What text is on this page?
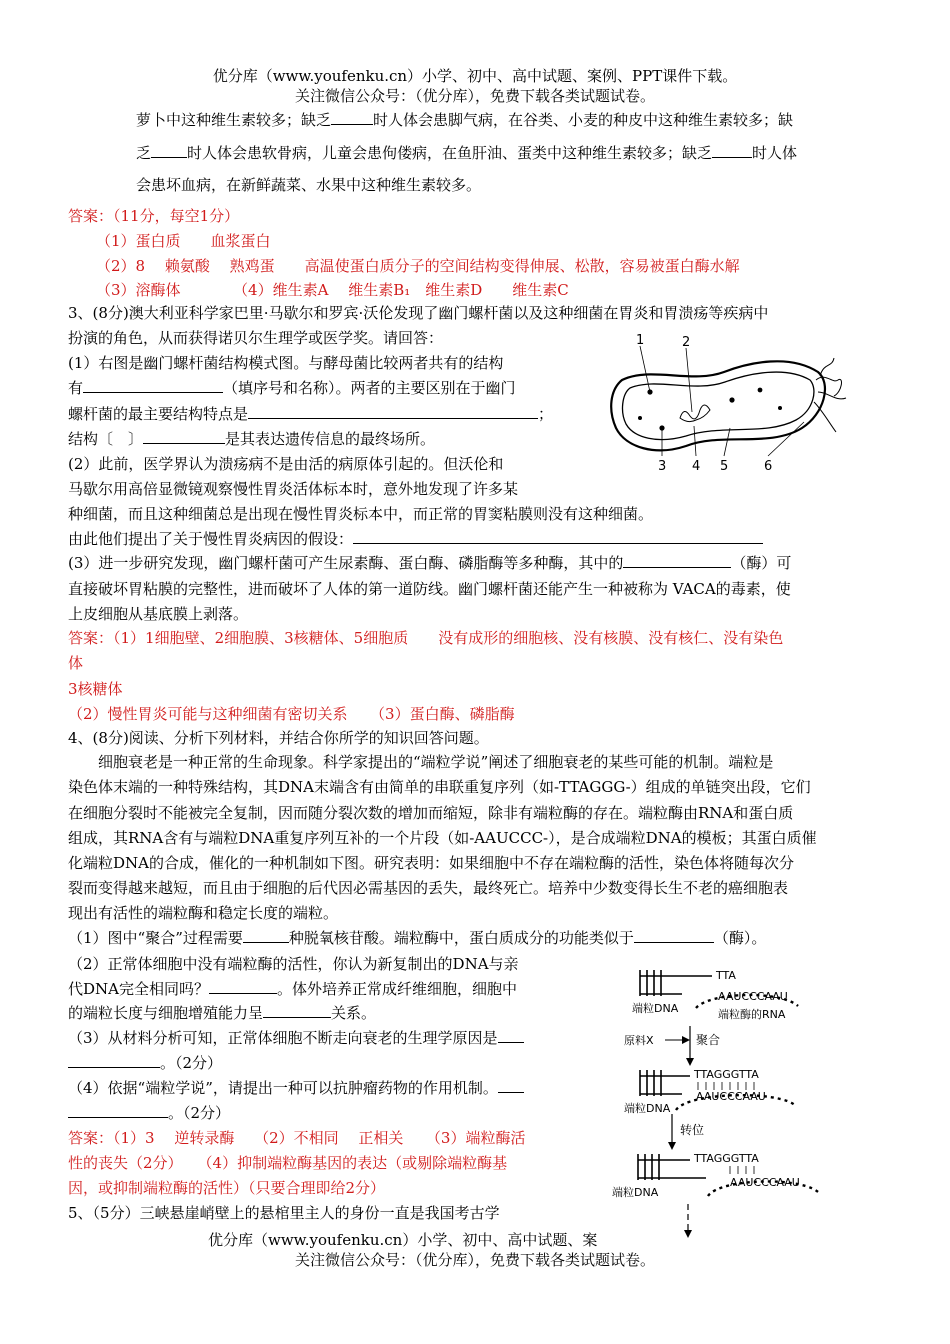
优分库（www.youfenku.cn）小学、初中、高中试题、案例、PPT课件下载。
关注微信公众号：（优分库），免费下载各类试题试卷。
萝卜中这种维生素较多；缺乏	时人体会患脚气病，在谷类、小麦的种皮中这种维生素较多；缺
乏 时人体会患软骨病，儿童会患佝偻病，在鱼肝油、蛋类中这种维生素较多；缺乏	时人体
会患坏血病，在新鲜蔬菜、水果中这种维生素较多。
答案：（11分，每空1分）
（1）蛋白质　　血浆蛋白
（2）8　 赖氨酸　 熟鸡蛋　　高温使蛋白质分子的空间结构变得伸展、松散，容易被蛋白酶水解
（3）溶酶体　　　　（4）维生素A　 维生素B₁　维生素D　　维生素C
3、(8分)澳大利亚科学家巴里·马歇尔和罗宾·沃伦发现了幽门螺杆菌以及这种细菌在胃炎和胃溃疡等疾病中
扮演的角色，从而获得诺贝尔生理学或医学奖。请回答：
(1）右图是幽门螺杆菌结构模式图。与酵母菌比较两者共有的结构
有	（填序号和名称）。两者的主要区别在于幽门
螺杆菌的最主要结构特点是	；
结构〔　〕	是其表达遗传信息的最终场所。
(2）此前，医学界认为溃疡病不是由活的病原体引起的。但沃伦和
马歇尔用高倍显微镜观察慢性胃炎活体标本时，意外地发现了许多某
种细菌，而且这种细菌总是出现在慢性胃炎标本中，而正常的胃窦粘膜则没有这种细菌。
由此他们提出了关于慢性胃炎病因的假设：
(3）进一步研究发现，幽门螺杆菌可产生尿素酶、蛋白酶、磷脂酶等多种酶，其中的	（酶）可
直接破坏胃粘膜的完整性，进而破坏了人体的第一道防线。幽门螺杆菌还能产生一种被称为 VACA的毒素，使
上皮细胞从基底膜上剥落。
答案：（1）1细胞壁、2细胞膜、3核糖体、5细胞质　　没有成形的细胞核、没有核膜、没有核仁、没有染色
体
3核糖体
（2）慢性胃炎可能与这种细菌有密切关系　　（3）蛋白酶、磷脂酶
1	2
3 4 5	6
4、(8分)阅读、分析下列材料，并结合你所学的知识回答问题。
　　细胞衰老是一种正常的生命现象。科学家提出的“端粒学说”阐述了细胞衰老的某些可能的机制。端粒是
染色体末端的一种特殊结构，其DNA末端含有由简单的串联重复序列（如-TTAGGG-）组成的单链突出段，它们
在细胞分裂时不能被完全复制，因而随分裂次数的增加而缩短，除非有端粒酶的存在。端粒酶由RNA和蛋白质
组成，其RNA含有与端粒DNA重复序列互补的一个片段（如-AAUCCC-），是合成端粒DNA的模板；其蛋白质催
化端粒DNA的合成，催化的一种机制如下图。研究表明：如果细胞中不存在端粒酶的活性，染色体将随每次分
裂而变得越来越短，而且由于细胞的后代因必需基因的丢失，最终死亡。培养中少数变得长生不老的癌细胞表
现出有活性的端粒酶和稳定长度的端粒。
（1）图中“聚合”过程需要	种脱氧核苷酸。端粒酶中，蛋白质成分的功能类似于	（酶）。
（2）正常体细胞中没有端粒酶的活性，你认为新复制出的DNA与亲
代DNA完全相同吗？	。体外培养正常成纤维细胞，细胞中
的端粒长度与细胞增殖能力呈	关系。
（3）从材料分析可知，正常体细胞不断走向衰老的生理学原因是
。（2分）
（4）依据“端粒学说”，请提出一种可以抗肿瘤药物的作用机制。
。（2分）
答案：（1）3　 逆转录酶　 （2）不相同　 正相关　　（3）端粒酶活
性的丧失（2分）　　（4）抑制端粒酶基因的表达（或剔除端粒酶基
因，或抑制端粒酶的活性）（只要合理即给2分）
TTA
AAUCCCAAU
端粒DNA	端粒酶的RNA
原料X	聚合
TTAGGGTTA
AAUCCCAAU
端粒DNA
转位
TTAGGGTTA
AAUCCCAAU
端粒DNA
5、（5分）三峡悬崖峭壁上的悬棺里主人的身份一直是我国考古学
优分库（www.youfenku.cn）小学、初中、高中试题、案
关注微信公众号：（优分库），免费下载各类试题试卷。
